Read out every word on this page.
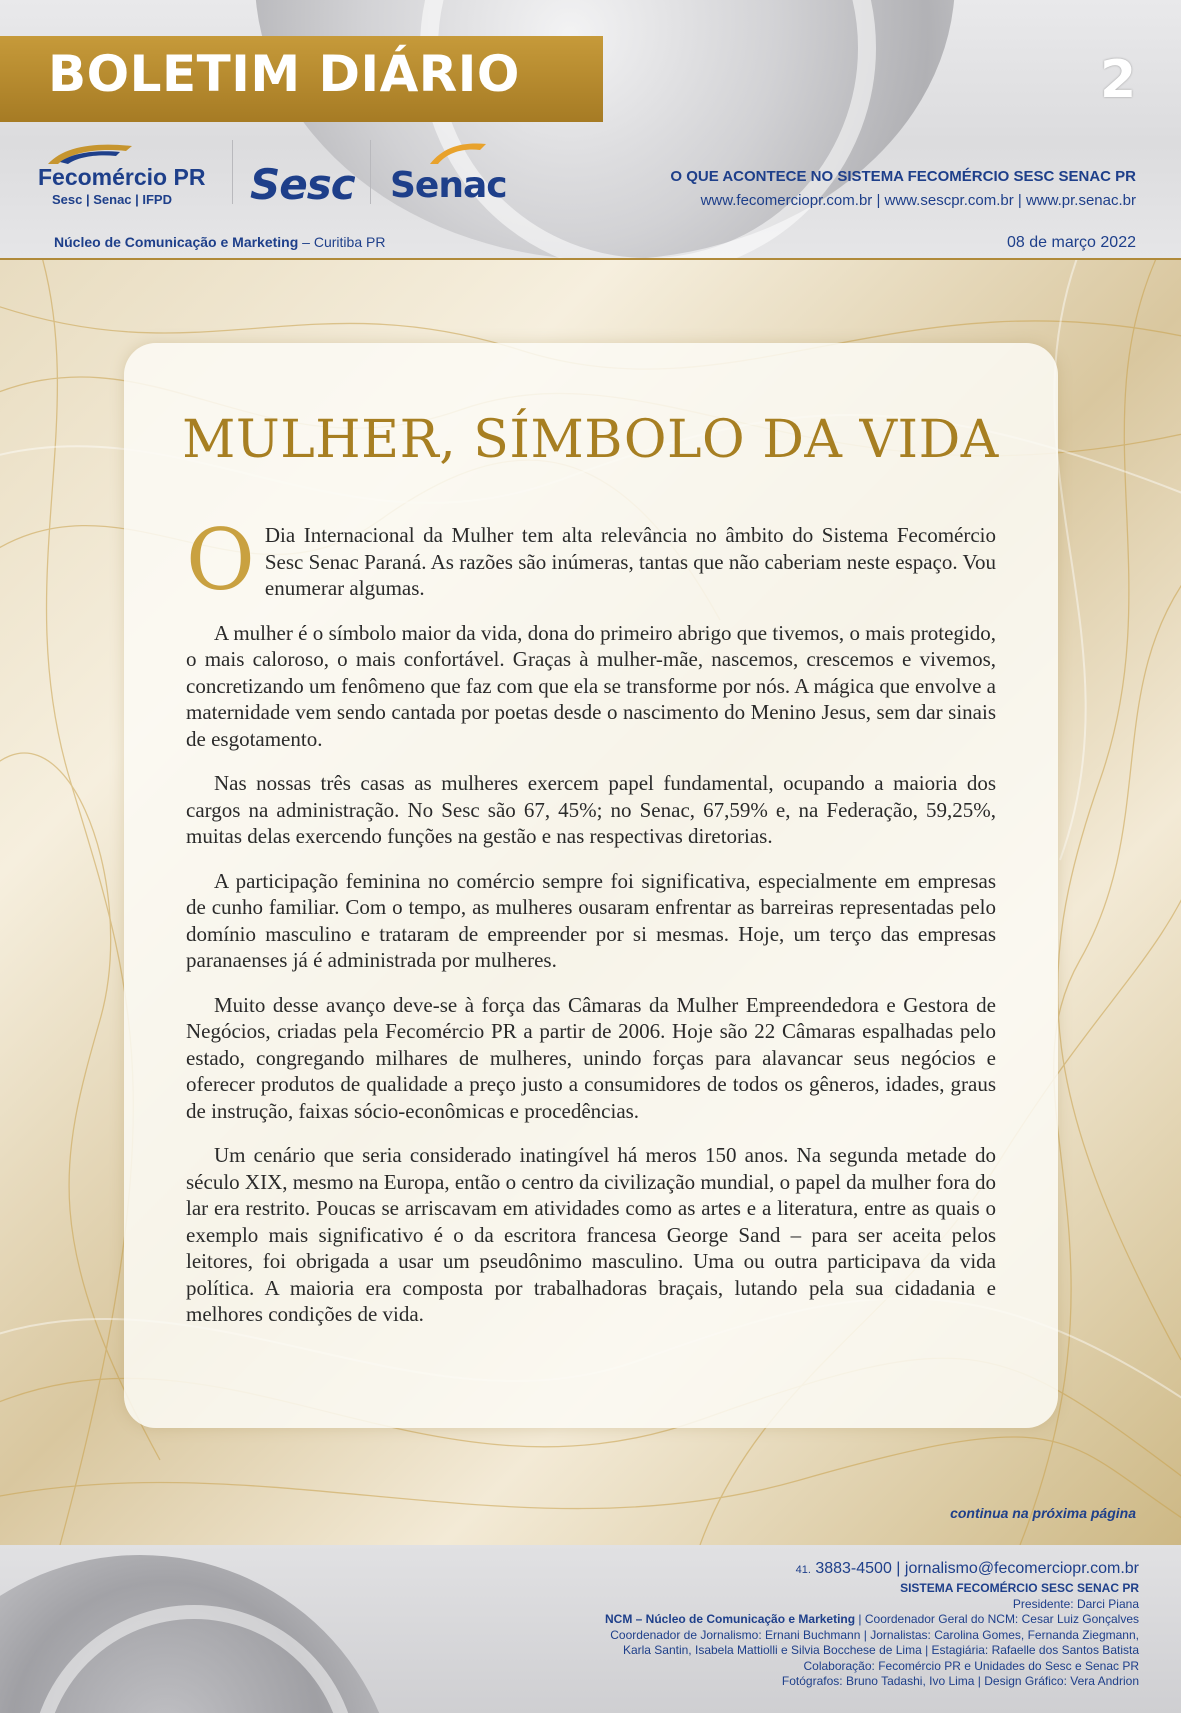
BOLETIM DIÁRIO	2
Fecomércio PR
Sesc | Senac | IFPD Sesc Senac	O QUE ACONTECE NO SISTEMA FECOMÉRCIO SESC SENAC PR
www.fecomerciopr.com.br | www.sescpr.com.br | www.pr.senac.br
Núcleo de Comunicação e Marketing – Curitiba PR	08 de março 2022
MULHER, SÍMBOLO DA VIDA

O Dia Internacional da Mulher tem alta relevância no âmbito do Sistema Fecomércio Sesc Senac Paraná. As razões são inúmeras, tantas que não caberiam neste espaço. Vou enumerar algumas.

A mulher é o símbolo maior da vida, dona do primeiro abrigo que tivemos, o mais protegido, o mais caloroso, o mais confortável. Graças à mulher-mãe, nascemos, crescemos e vivemos, concretizando um fenômeno que faz com que ela se transforme por nós. A mágica que envolve a maternidade vem sendo cantada por poetas desde o nascimento do Menino Jesus, sem dar sinais de esgotamento.

Nas nossas três casas as mulheres exercem papel fundamental, ocupando a maioria dos cargos na administração. No Sesc são 67, 45%; no Senac, 67,59% e, na Federação, 59,25%, muitas delas exercendo funções na gestão e nas respectivas diretorias.

A participação feminina no comércio sempre foi significativa, especialmente em empresas de cunho familiar. Com o tempo, as mulheres ousaram enfrentar as barreiras representadas pelo domínio masculino e trataram de empreender por si mesmas. Hoje, um terço das empresas paranaenses já é administrada por mulheres.

Muito desse avanço deve-se à força das Câmaras da Mulher Empreendedora e Gestora de Negócios, criadas pela Fecomércio PR a partir de 2006. Hoje são 22 Câmaras espalhadas pelo estado, congregando milhares de mulheres, unindo forças para alavancar seus negócios e oferecer produtos de qualidade a preço justo a consumidores de todos os gêneros, idades, graus de instrução, faixas sócio-econômicas e procedências.

Um cenário que seria considerado inatingível há meros 150 anos. Na segunda metade do século XIX, mesmo na Europa, então o centro da civilização mundial, o papel da mulher fora do lar era restrito. Poucas se arriscavam em atividades como as artes e a literatura, entre as quais o exemplo mais significativo é o da escritora francesa George Sand – para ser aceita pelos leitores, foi obrigada a usar um pseudônimo masculino. Uma ou outra participava da vida política. A maioria era composta por trabalhadoras braçais, lutando pela sua cidadania e melhores condições de vida.

continua na próxima página
41. 3883-4500 | jornalismo@fecomerciopr.com.br
SISTEMA FECOMÉRCIO SESC SENAC PR
Presidente: Darci Piana
NCM – Núcleo de Comunicação e Marketing | Coordenador Geral do NCM: Cesar Luiz Gonçalves
Coordenador de Jornalismo: Ernani Buchmann | Jornalistas: Carolina Gomes, Fernanda Ziegmann,
Karla Santin, Isabela Mattiolli e Silvia Bocchese de Lima | Estagiária: Rafaelle dos Santos Batista
Colaboração: Fecomércio PR e Unidades do Sesc e Senac PR
Fotógrafos: Bruno Tadashi, Ivo Lima | Design Gráfico: Vera Andrion
